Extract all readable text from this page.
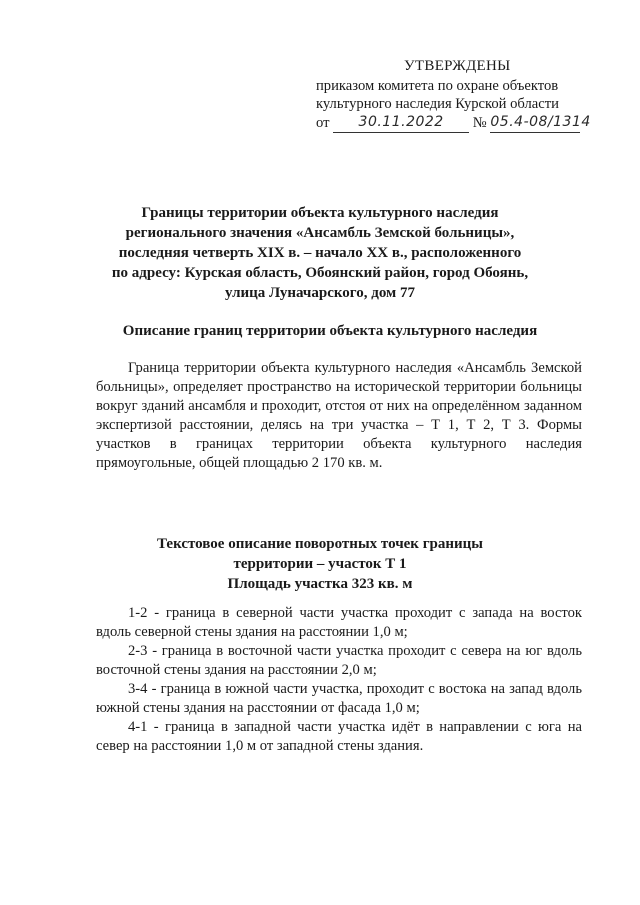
УТВЕРЖДЕНЫ
приказом комитета по охране объектов
культурного наследия Курской области
от 30.11.2022 № 05.4-08/1314
Границы территории объекта культурного наследия
регионального значения «Ансамбль Земской больницы»,
последняя четверть XIX в. – начало XX в., расположенного
по адресу: Курская область, Обоянский район, город Обоянь,
улица Луначарского, дом 77
Описание границ территории объекта культурного наследия

Граница территории объекта культурного наследия «Ансамбль Земской больницы», определяет пространство на исторической территории больницы вокруг зданий ансамбля и проходит, отстоя от них на определённом заданном экспертизой расстоянии, делясь на три участка – Т 1, Т 2, Т 3. Формы участков в границах территории объекта культурного наследия прямоугольные, общей площадью 2 170 кв. м.

Текстовое описание поворотных точек границы
территории – участок Т 1
Площадь участка 323 кв. м

1-2 - граница в северной части участка проходит с запада на восток вдоль северной стены здания на расстоянии 1,0 м;

2-3 - граница в восточной части участка проходит с севера на юг вдоль восточной стены здания на расстоянии 2,0 м;

3-4 - граница в южной части участка, проходит с востока на запад вдоль южной стены здания на расстоянии от фасада 1,0 м;

4-1 - граница в западной части участка идёт в направлении с юга на север на расстоянии 1,0 м от западной стены здания.
